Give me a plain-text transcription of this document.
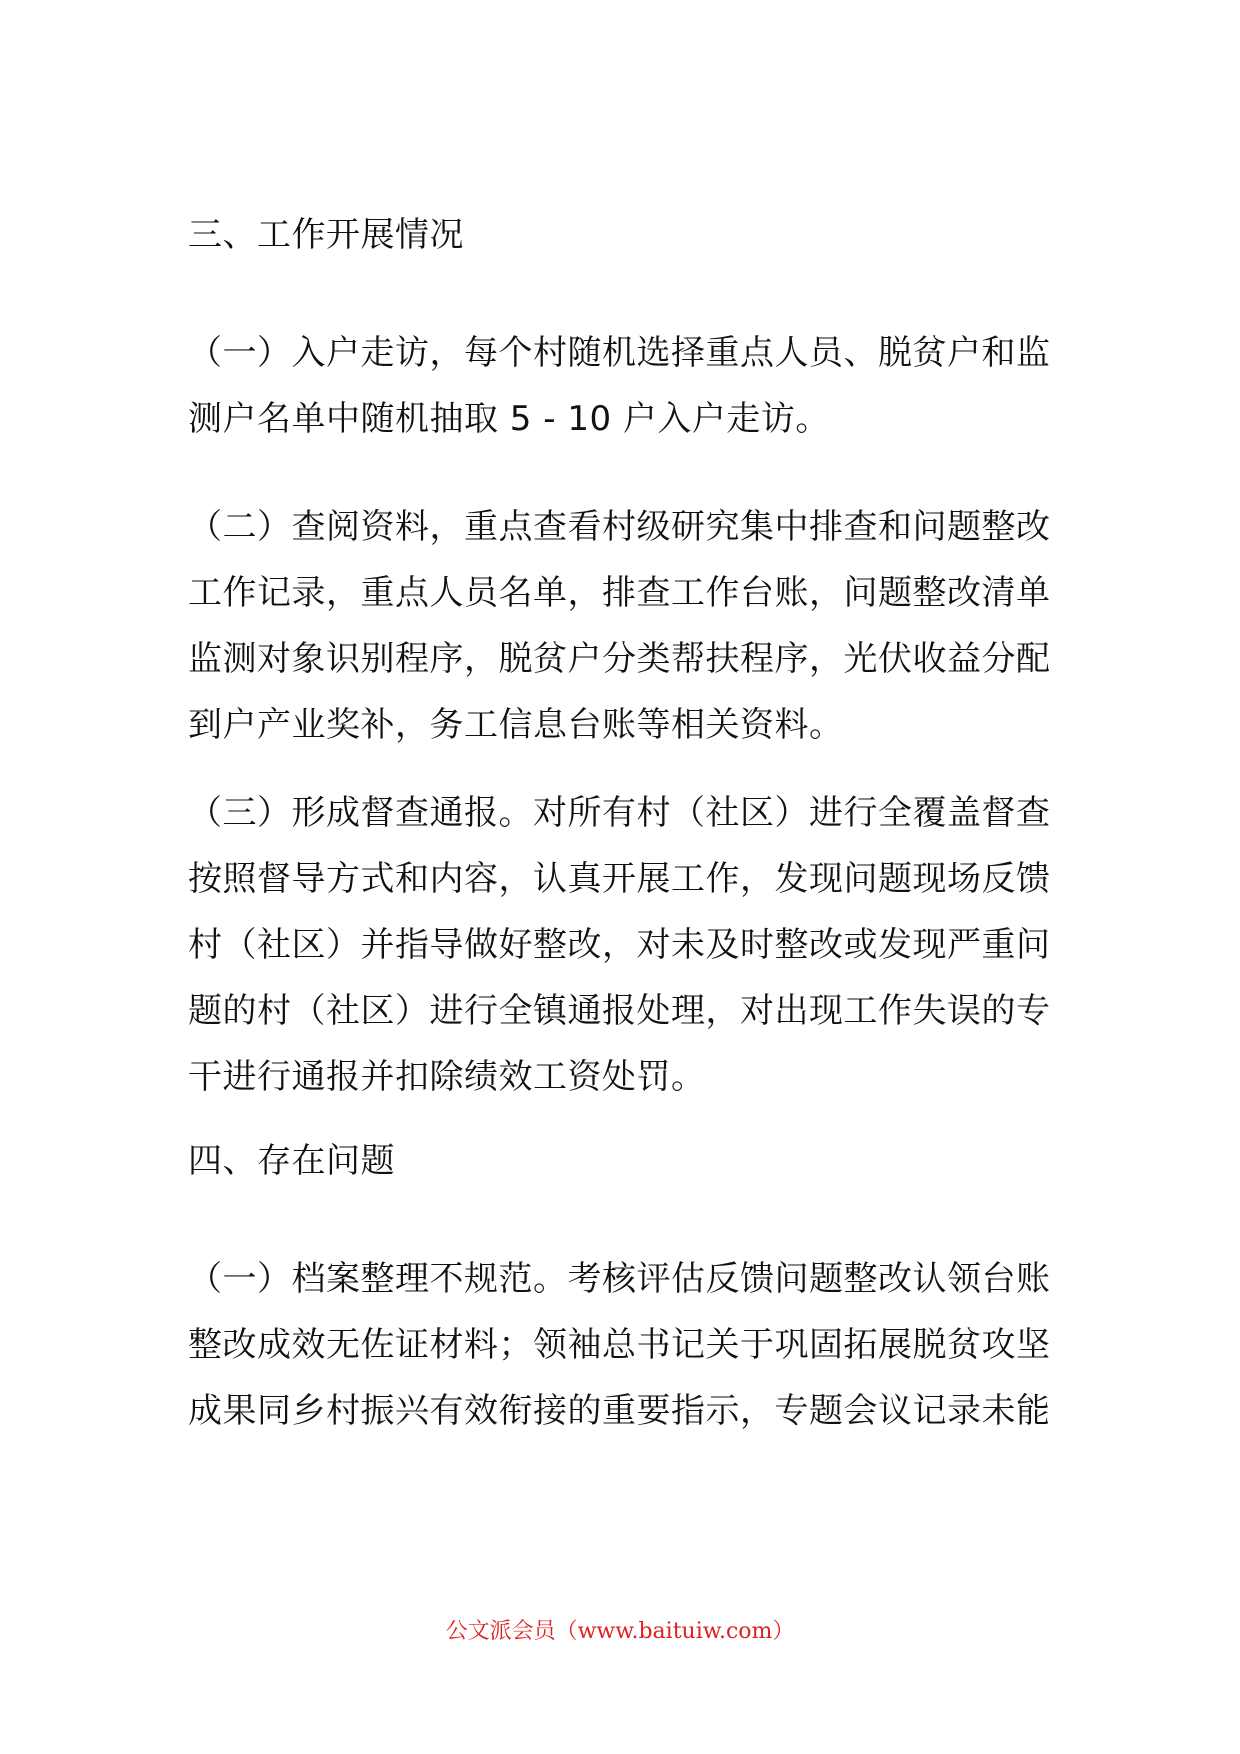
三、工作开展情况
（一）入户走访，每个村随机选择重点人员、脱贫户和监
测户名单中随机抽取 5 - 10 户入户走访。
（二）查阅资料，重点查看村级研究集中排查和问题整改
工作记录，重点人员名单，排查工作台账，问题整改清单
监测对象识别程序，脱贫户分类帮扶程序，光伏收益分配
到户产业奖补，务工信息台账等相关资料。
（三）形成督查通报。对所有村（社区）进行全覆盖督查
按照督导方式和内容，认真开展工作，发现问题现场反馈
村（社区）并指导做好整改，对未及时整改或发现严重问
题的村（社区）进行全镇通报处理，对出现工作失误的专
干进行通报并扣除绩效工资处罚。
四、存在问题
（一）档案整理不规范。考核评估反馈问题整改认领台账
整改成效无佐证材料；领袖总书记关于巩固拓展脱贫攻坚
成果同乡村振兴有效衔接的重要指示，专题会议记录未能
公文派会员（www.baituiw.com）
